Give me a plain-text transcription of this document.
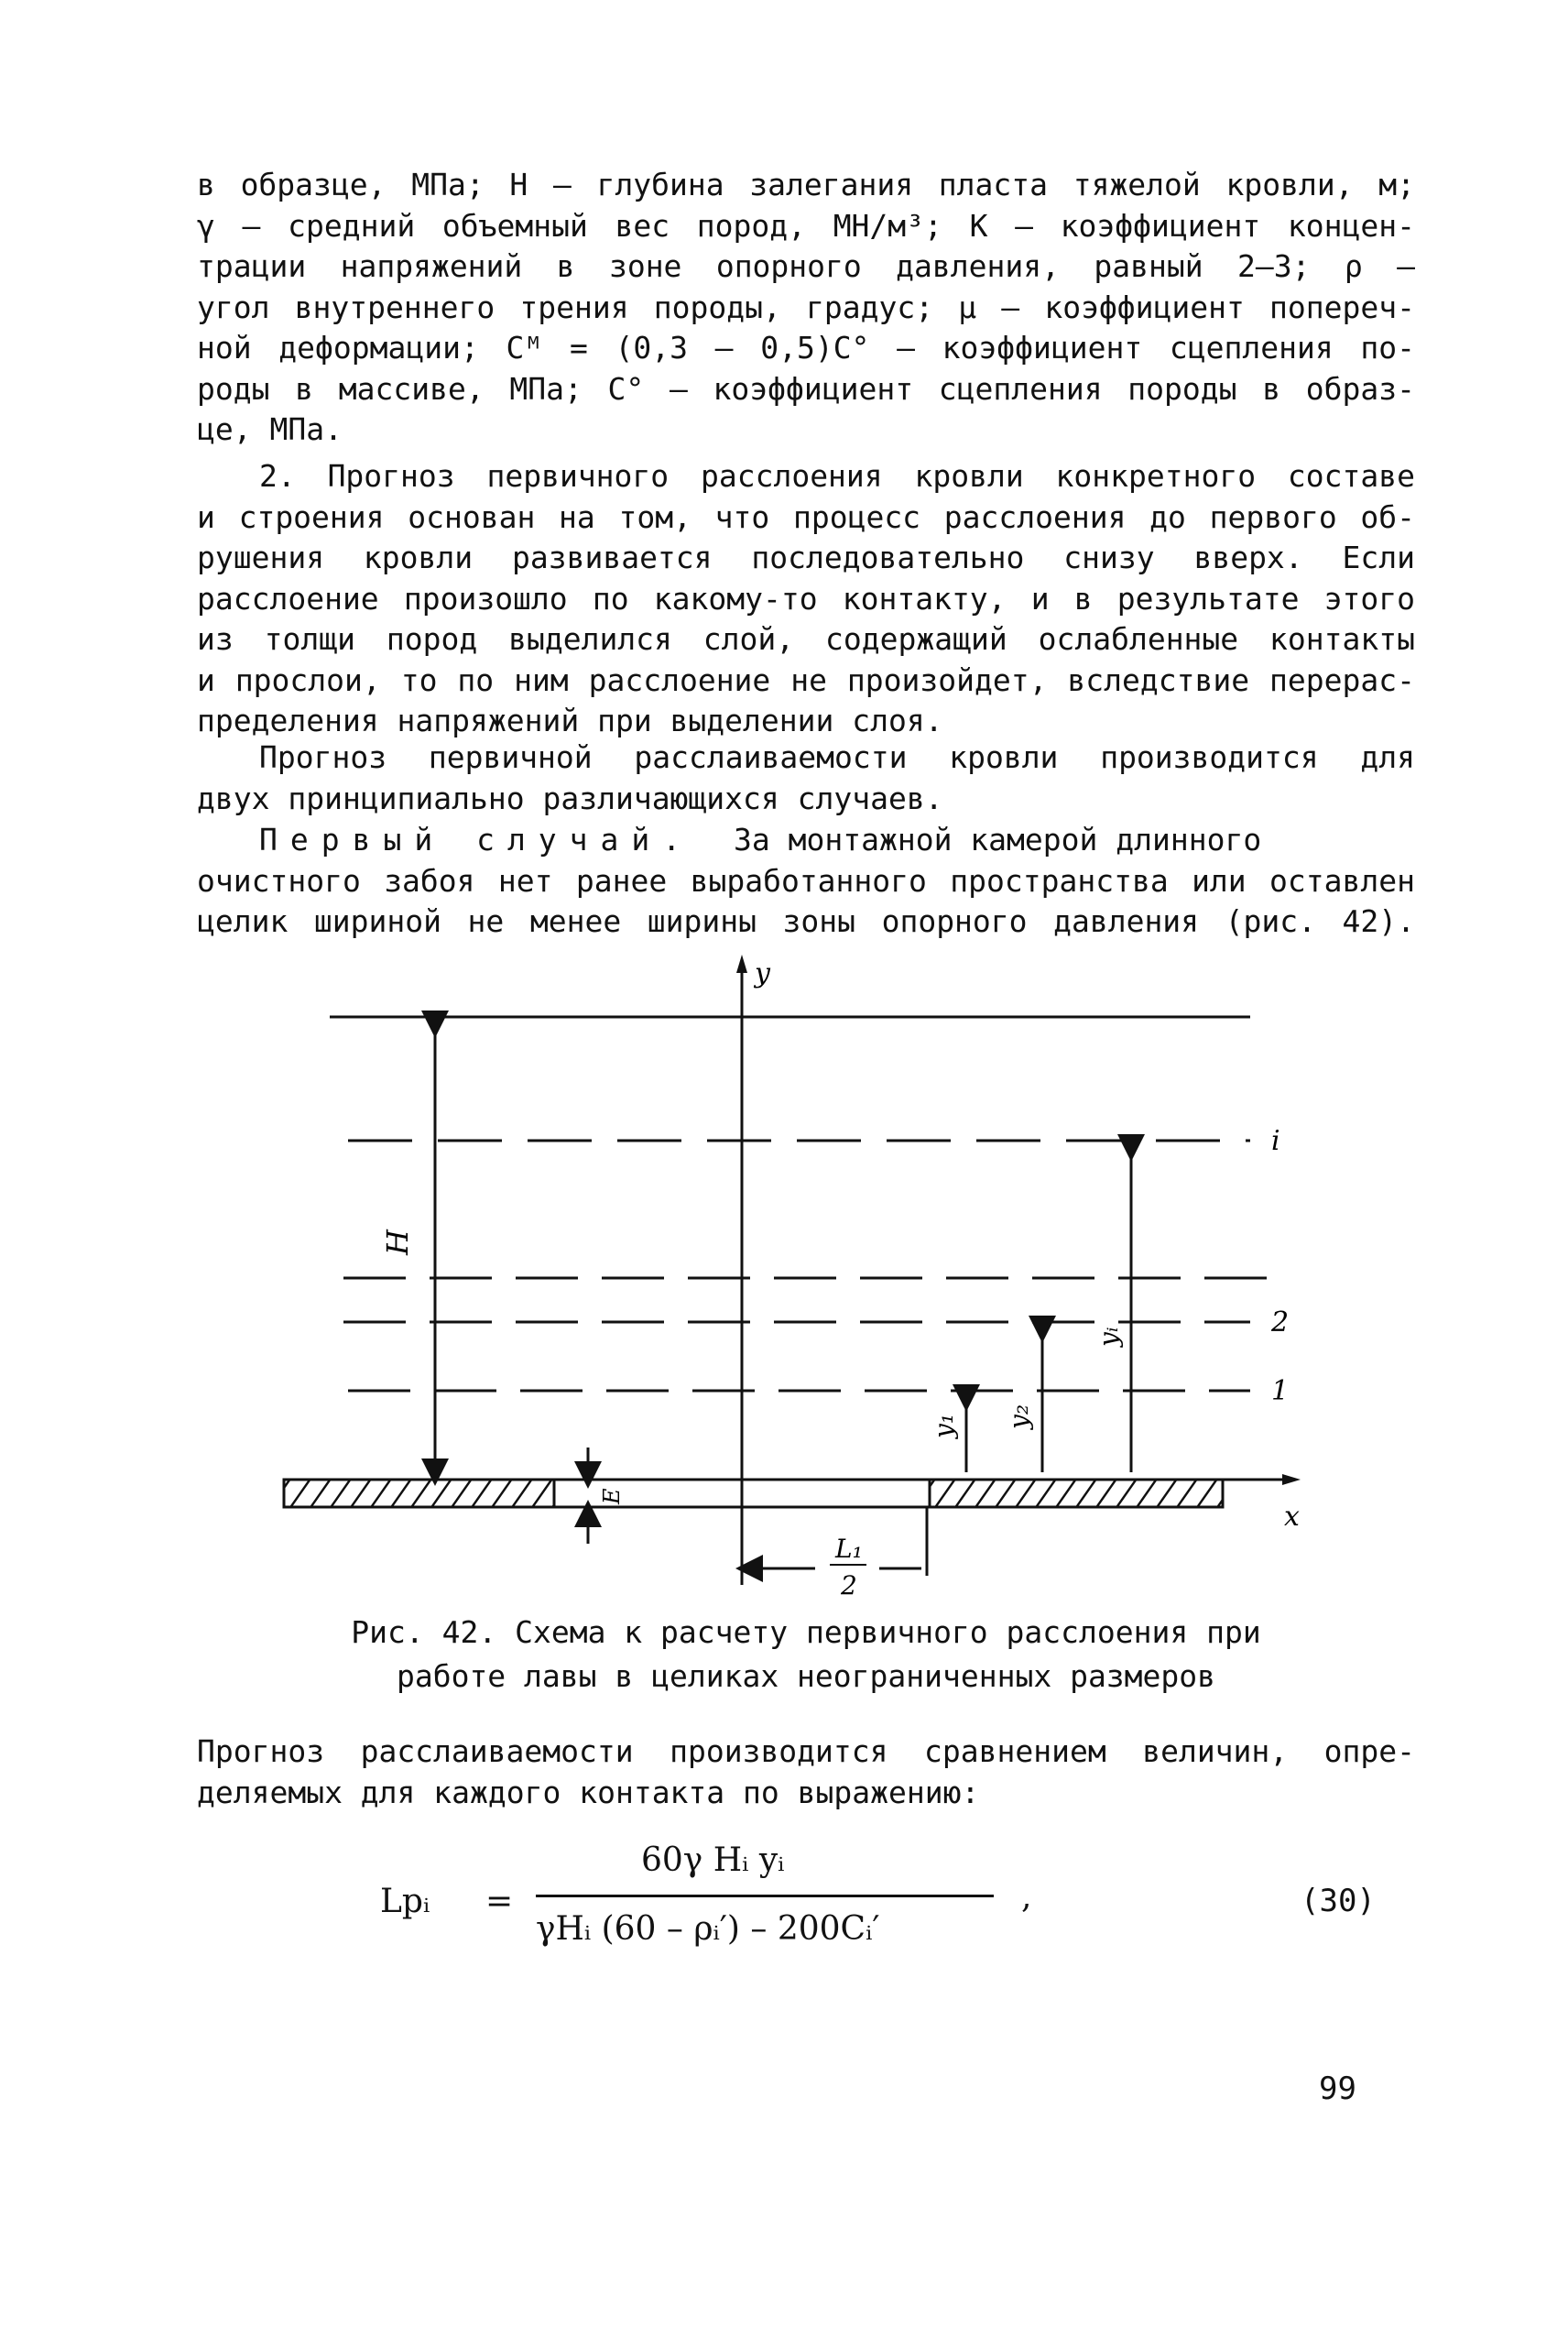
в образце, МПа; Н – глубина залегания пласта тяжелой кровли, м;
γ – средний объемный вес пород, МН/м³; К – коэффициент концен-
трации напряжений в зоне опорного давления, равный 2–3; ρ –
угол внутреннего трения породы, градус; μ – коэффициент попереч-
ной деформации; Сᴹ = (0,3 – 0,5)С° – коэффициент сцепления по-
роды в массиве, МПа; С° – коэффициент сцепления породы в образ-
це, МПа.
2. Прогноз первичного расслоения кровли конкретного составе
и строения основан на том, что процесс расслоения до первого об-
рушения кровли развивается последовательно снизу вверх. Если
расслоение произошло по какому-то контакту, и в результате этого
из толщи пород выделился слой, содержащий ослабленные контакты
и прослои, то по ним расслоение не произойдет, вследствие перерас-
пределения напряжений при выделении слоя.
Прогноз первичной расслаиваемости кровли производится для
двух принципиально различающихся случаев.
Первый случай. За монтажной камерой длинного
очистного забоя нет ранее выработанного пространства или оставлен
целик шириной не менее ширины зоны опорного давления (рис. 42).
y
i
2
1
x
H
E
y₁ y₂
yᵢ
L₁
2
Рис. 42. Схема к расчету первичного расслоения при
работе лавы в целиках неограниченных размеров
Прогноз расслаиваемости производится сравнением величин, опре-
деляемых для каждого контакта по выражению:
Lpᵢ =
60γ Hᵢ yᵢ
γHᵢ (60 – ρᵢ′) – 200Cᵢ′
,	(30)
99
